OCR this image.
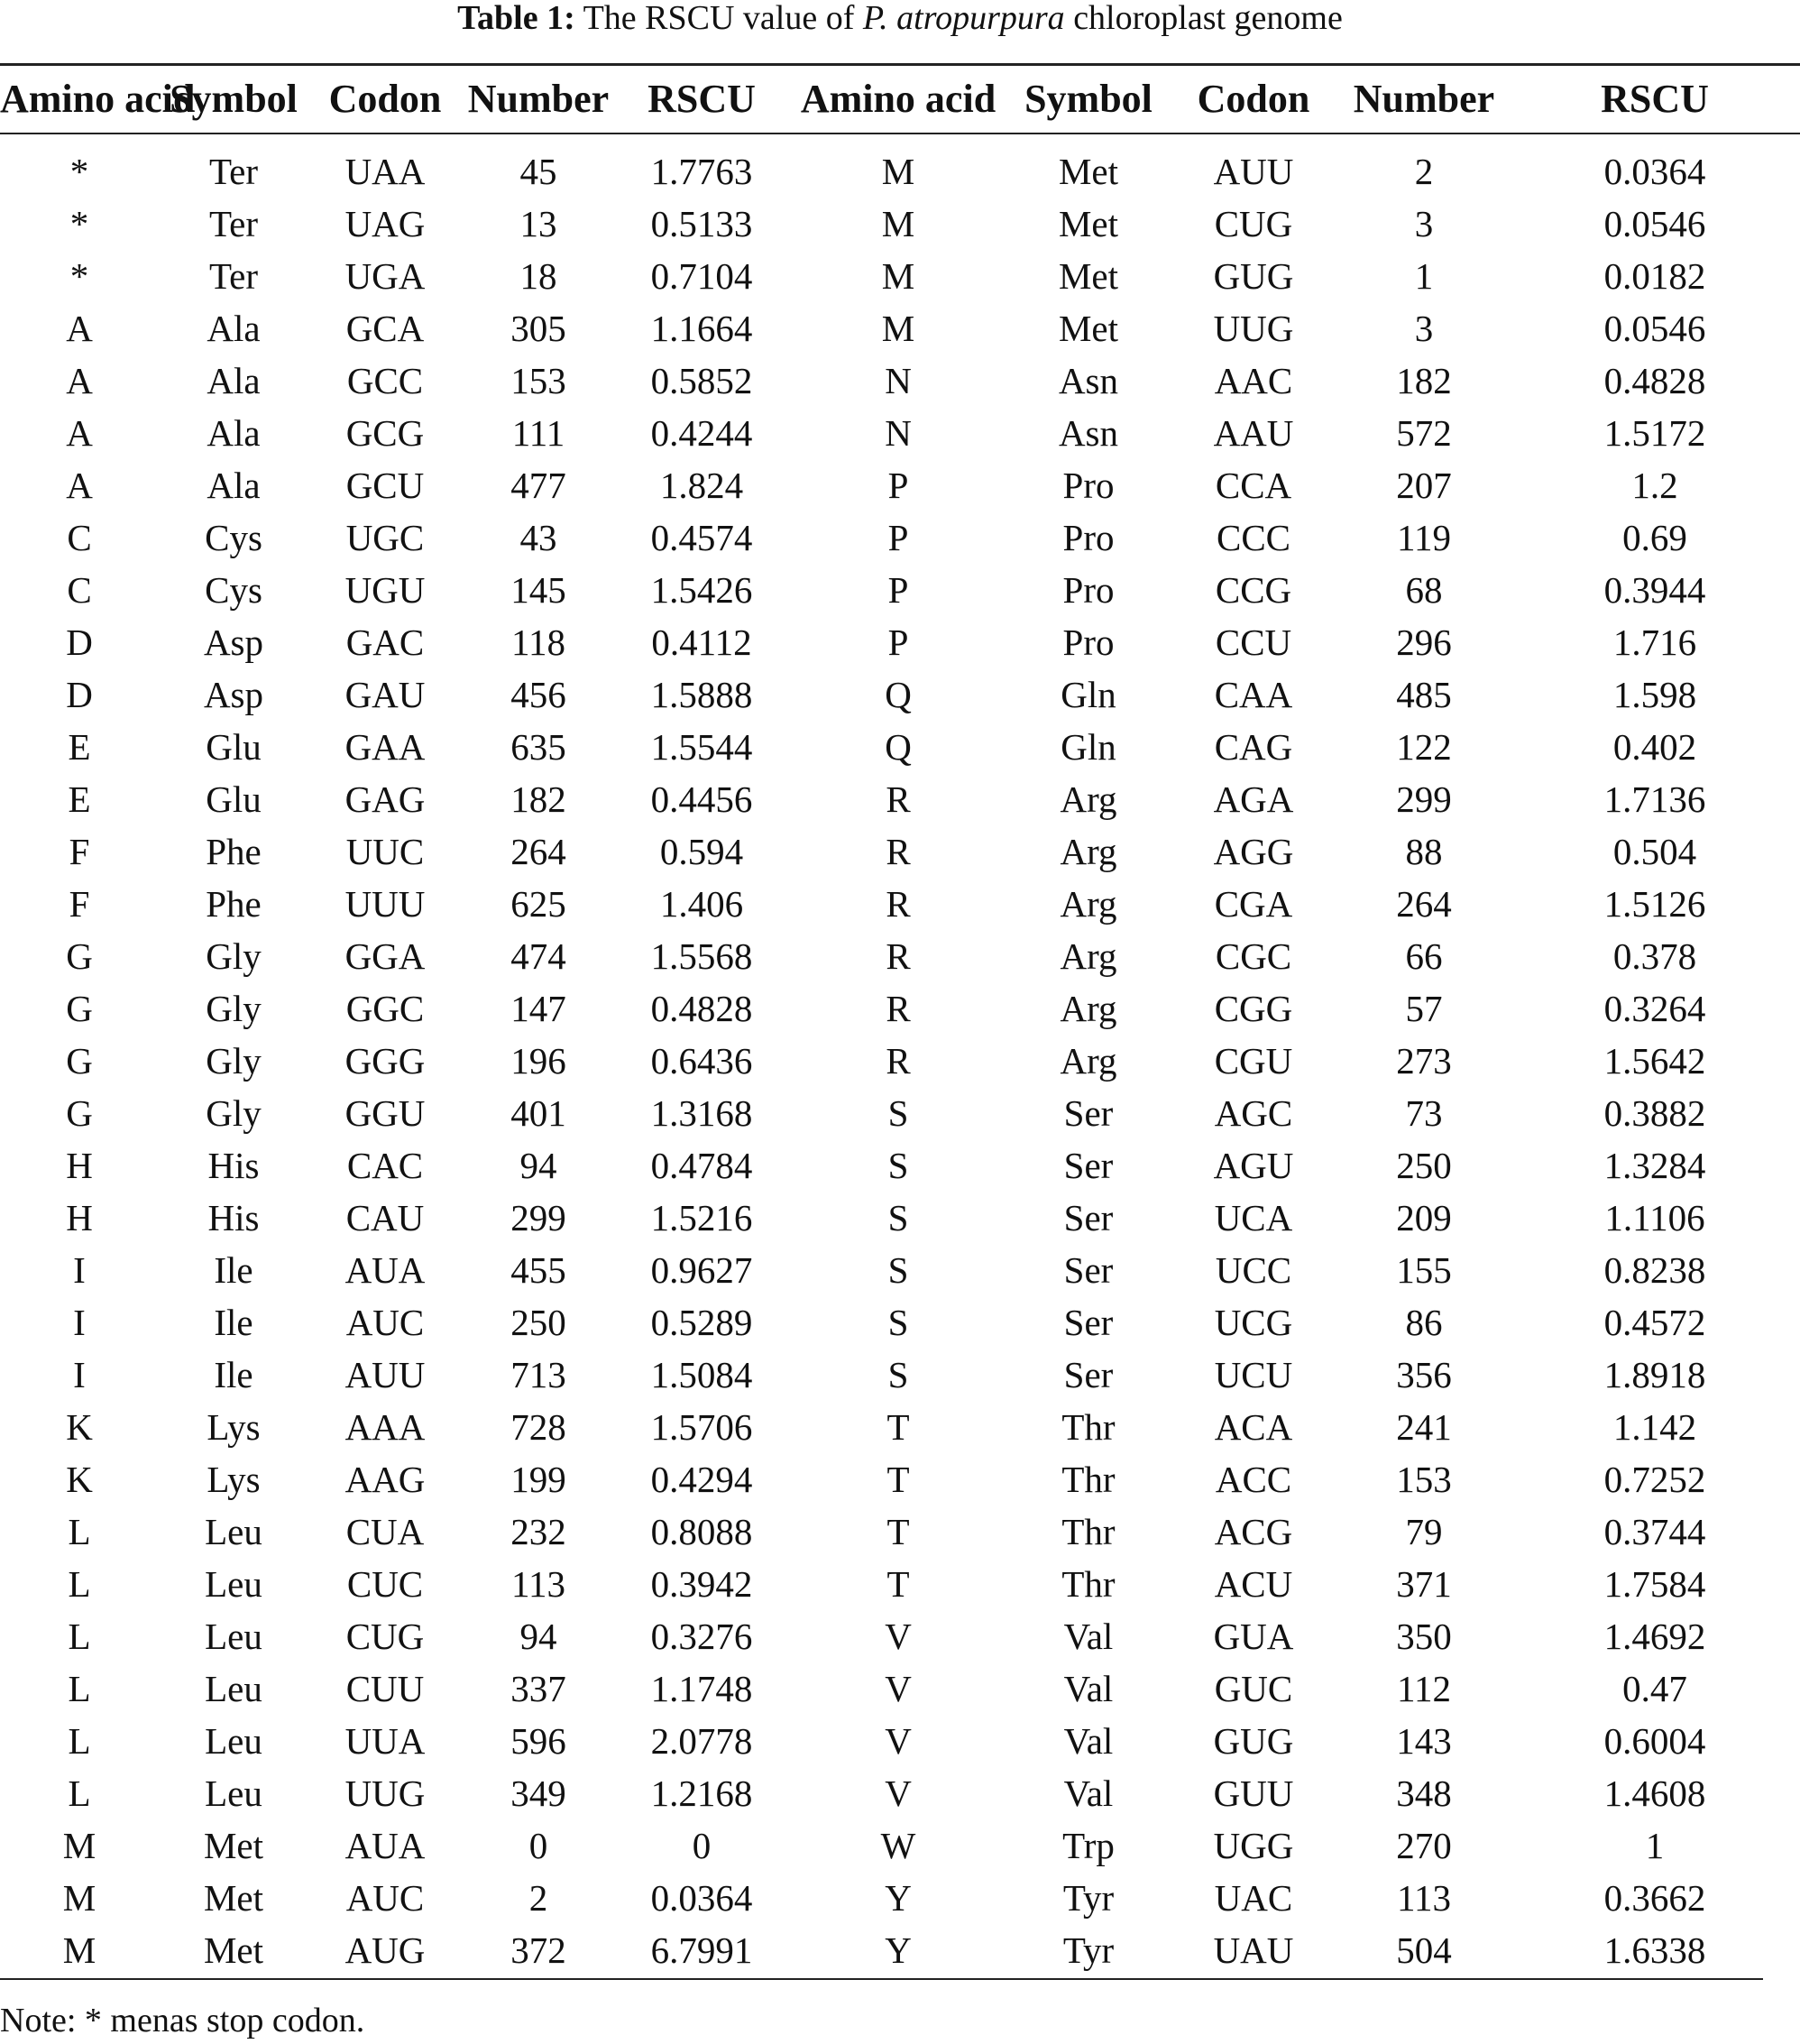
Table 1: The RSCU value of P. atropurpura chloroplast genome
Amino acid	Symbol	Codon	Number	RSCU	Amino acid	Symbol	Codon	Number	RSCU
*	Ter	UAA	45	1.7763	M	Met	AUU	2	0.0364
*	Ter	UAG	13	0.5133	M	Met	CUG	3	0.0546
*	Ter	UGA	18	0.7104	M	Met	GUG	1	0.0182
A	Ala	GCA	305	1.1664	M	Met	UUG	3	0.0546
A	Ala	GCC	153	0.5852	N	Asn	AAC	182	0.4828
A	Ala	GCG	111	0.4244	N	Asn	AAU	572	1.5172
A	Ala	GCU	477	1.824	P	Pro	CCA	207	1.2
C	Cys	UGC	43	0.4574	P	Pro	CCC	119	0.69
C	Cys	UGU	145	1.5426	P	Pro	CCG	68	0.3944
D	Asp	GAC	118	0.4112	P	Pro	CCU	296	1.716
D	Asp	GAU	456	1.5888	Q	Gln	CAA	485	1.598
E	Glu	GAA	635	1.5544	Q	Gln	CAG	122	0.402
E	Glu	GAG	182	0.4456	R	Arg	AGA	299	1.7136
F	Phe	UUC	264	0.594	R	Arg	AGG	88	0.504
F	Phe	UUU	625	1.406	R	Arg	CGA	264	1.5126
G	Gly	GGA	474	1.5568	R	Arg	CGC	66	0.378
G	Gly	GGC	147	0.4828	R	Arg	CGG	57	0.3264
G	Gly	GGG	196	0.6436	R	Arg	CGU	273	1.5642
G	Gly	GGU	401	1.3168	S	Ser	AGC	73	0.3882
H	His	CAC	94	0.4784	S	Ser	AGU	250	1.3284
H	His	CAU	299	1.5216	S	Ser	UCA	209	1.1106
I	Ile	AUA	455	0.9627	S	Ser	UCC	155	0.8238
I	Ile	AUC	250	0.5289	S	Ser	UCG	86	0.4572
I	Ile	AUU	713	1.5084	S	Ser	UCU	356	1.8918
K	Lys	AAA	728	1.5706	T	Thr	ACA	241	1.142
K	Lys	AAG	199	0.4294	T	Thr	ACC	153	0.7252
L	Leu	CUA	232	0.8088	T	Thr	ACG	79	0.3744
L	Leu	CUC	113	0.3942	T	Thr	ACU	371	1.7584
L	Leu	CUG	94	0.3276	V	Val	GUA	350	1.4692
L	Leu	CUU	337	1.1748	V	Val	GUC	112	0.47
L	Leu	UUA	596	2.0778	V	Val	GUG	143	0.6004
L	Leu	UUG	349	1.2168	V	Val	GUU	348	1.4608
M	Met	AUA	0	0	W	Trp	UGG	270	1
M	Met	AUC	2	0.0364	Y	Tyr	UAC	113	0.3662
M	Met	AUG	372	6.7991	Y	Tyr	UAU	504	1.6338
Note: * menas stop codon.
